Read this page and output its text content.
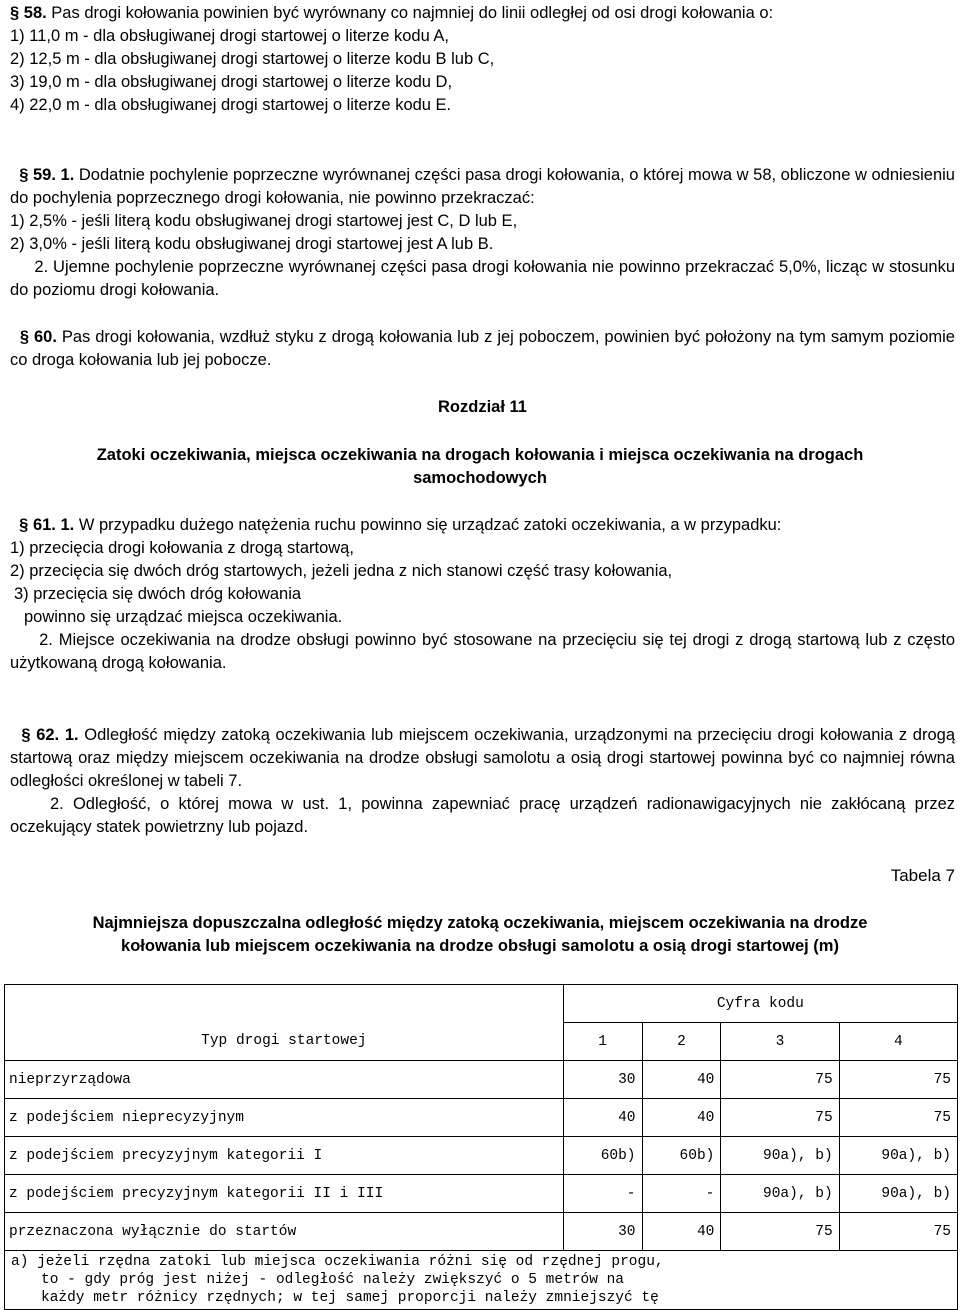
§ 58. Pas drogi kołowania powinien być wyrównany co najmniej do linii odległej od osi drogi kołowania o:

1) 11,0 m - dla obsługiwanej drogi startowej o literze kodu A,

2) 12,5 m - dla obsługiwanej drogi startowej o literze kodu B lub C,

3) 19,0 m - dla obsługiwanej drogi startowej o literze kodu D,

4) 22,0 m - dla obsługiwanej drogi startowej o literze kodu E.

§ 59. 1. Dodatnie pochylenie poprzeczne wyrównanej części pasa drogi kołowania, o której mowa w 58, obliczone w odniesieniu do pochylenia poprzecznego drogi kołowania, nie powinno przekraczać:

1) 2,5% - jeśli literą kodu obsługiwanej drogi startowej jest C, D lub E,

2) 3,0% - jeśli literą kodu obsługiwanej drogi startowej jest A lub B.

2. Ujemne pochylenie poprzeczne wyrównanej części pasa drogi kołowania nie powinno przekraczać 5,0%, licząc w stosunku do poziomu drogi kołowania.

§ 60. Pas drogi kołowania, wzdłuż styku z drogą kołowania lub z jej poboczem, powinien być położony na tym samym poziomie co droga kołowania lub jej pobocze.

Rozdział 11

Zatoki oczekiwania, miejsca oczekiwania na drogach kołowania i miejsca oczekiwania na drogach

samochodowych

§ 61. 1. W przypadku dużego natężenia ruchu powinno się urządzać zatoki oczekiwania, a w przypadku:

1) przecięcia drogi kołowania z drogą startową,

2) przecięcia się dwóch dróg startowych, jeżeli jedna z nich stanowi część trasy kołowania,

3) przecięcia się dwóch dróg kołowania

powinno się urządzać miejsca oczekiwania.

2. Miejsce oczekiwania na drodze obsługi powinno być stosowane na przecięciu się tej drogi z drogą startową lub z często użytkowaną drogą kołowania.

§ 62. 1. Odległość między zatoką oczekiwania lub miejscem oczekiwania, urządzonymi na przecięciu drogi kołowania z drogą startową oraz między miejscem oczekiwania na drodze obsługi samolotu a osią drogi startowej powinna być co najmniej równa odległości określonej w tabeli 7.

2. Odległość, o której mowa w ust. 1, powinna zapewniać pracę urządzeń radionawigacyjnych nie zakłócaną przez oczekujący statek powietrzny lub pojazd.

Tabela 7

Najmniejsza dopuszczalna odległość między zatoką oczekiwania, miejscem oczekiwania na drodze

kołowania lub miejscem oczekiwania na drodze obsługi samolotu a osią drogi startowej (m)

	Cyfra kodu			
Typ drogi startowej	1	2	3	4
nieprzyrządowa	30	40	75	75
z podejściem nieprecyzyjnym	40	40	75	75
z podejściem precyzyjnym kategorii I	60b)	60b)	90a), b)	90a), b)
z podejściem precyzyjnym kategorii II i III	-	-	90a), b)	90a), b)
przeznaczona wyłącznie do startów	30	40	75	75

a) jeżeli rzędna zatoki lub miejsca oczekiwania różni się od rzędnej progu,

to - gdy próg jest niżej - odległość należy zwiększyć o 5 metrów na

każdy metr różnicy rzędnych; w tej samej proporcji należy zmniejszyć tę				
